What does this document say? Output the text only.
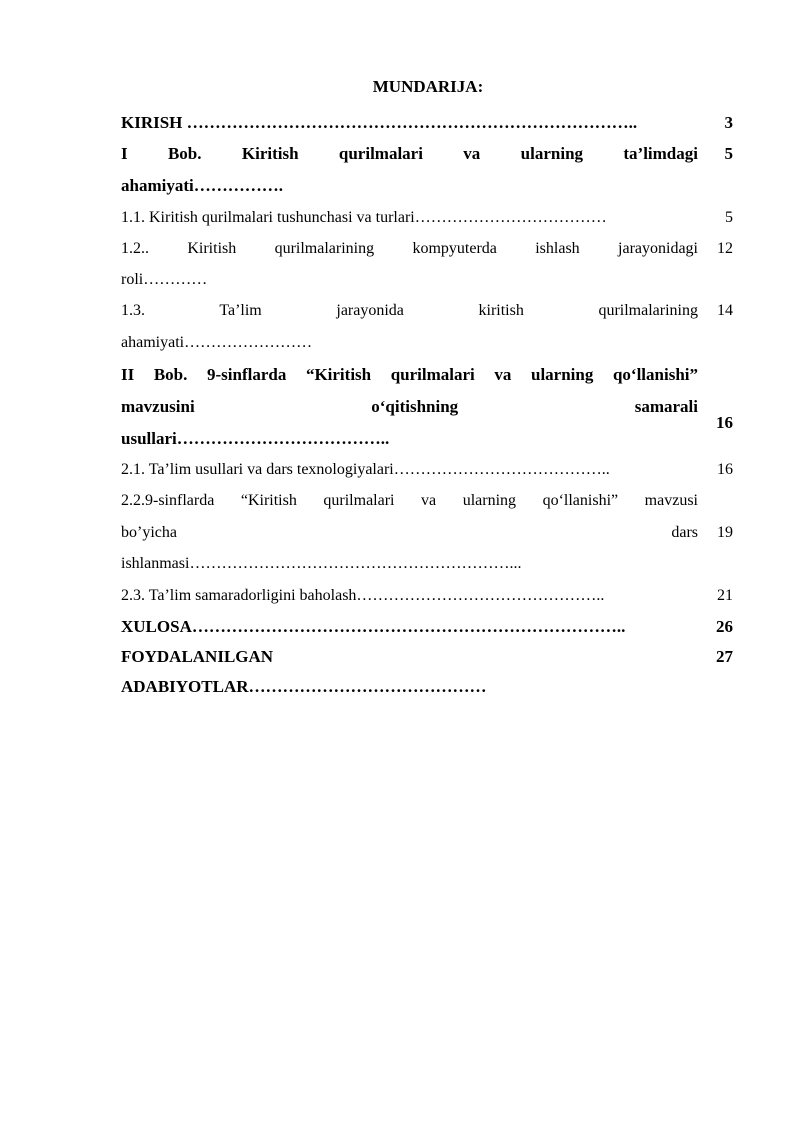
MUNDARIJA:
KIRISH ……………………………………………………………………..	3

I Bob. Kiritish qurilmalari va ularning ta’limdagi
ahamiyati…………….	5
1.1. Kiritish qurilmalari tushunchasi va turlari………………………………	5

1.2.. Kiritish qurilmalarining kompyuterda ishlash jarayonidagi
roli…………	12

1.3. Ta’lim jarayonida kiritish qurilmalarining
ahamiyati……………………	14

II Bob. 9-sinflarda “Kiritish qurilmalari va ularning qo‘llanishi”
mavzusini o‘qitishning samarali
usullari………………………………..	16
2.1. Ta’lim usullari va dars texnologiyalari…………………………………..	16

2.2.9-sinflarda “Kiritish qurilmalari va ularning qo‘llanishi” mavzusi
bo’yicha dars
ishlanmasi……………………………………………………...	19
2.3. Ta’lim samaradorligini baholash………………………………………..	21
XULOSA…………………………………………………………………..	26

FOYDALANILGAN
ADABIYOTLAR……………………………………	27
